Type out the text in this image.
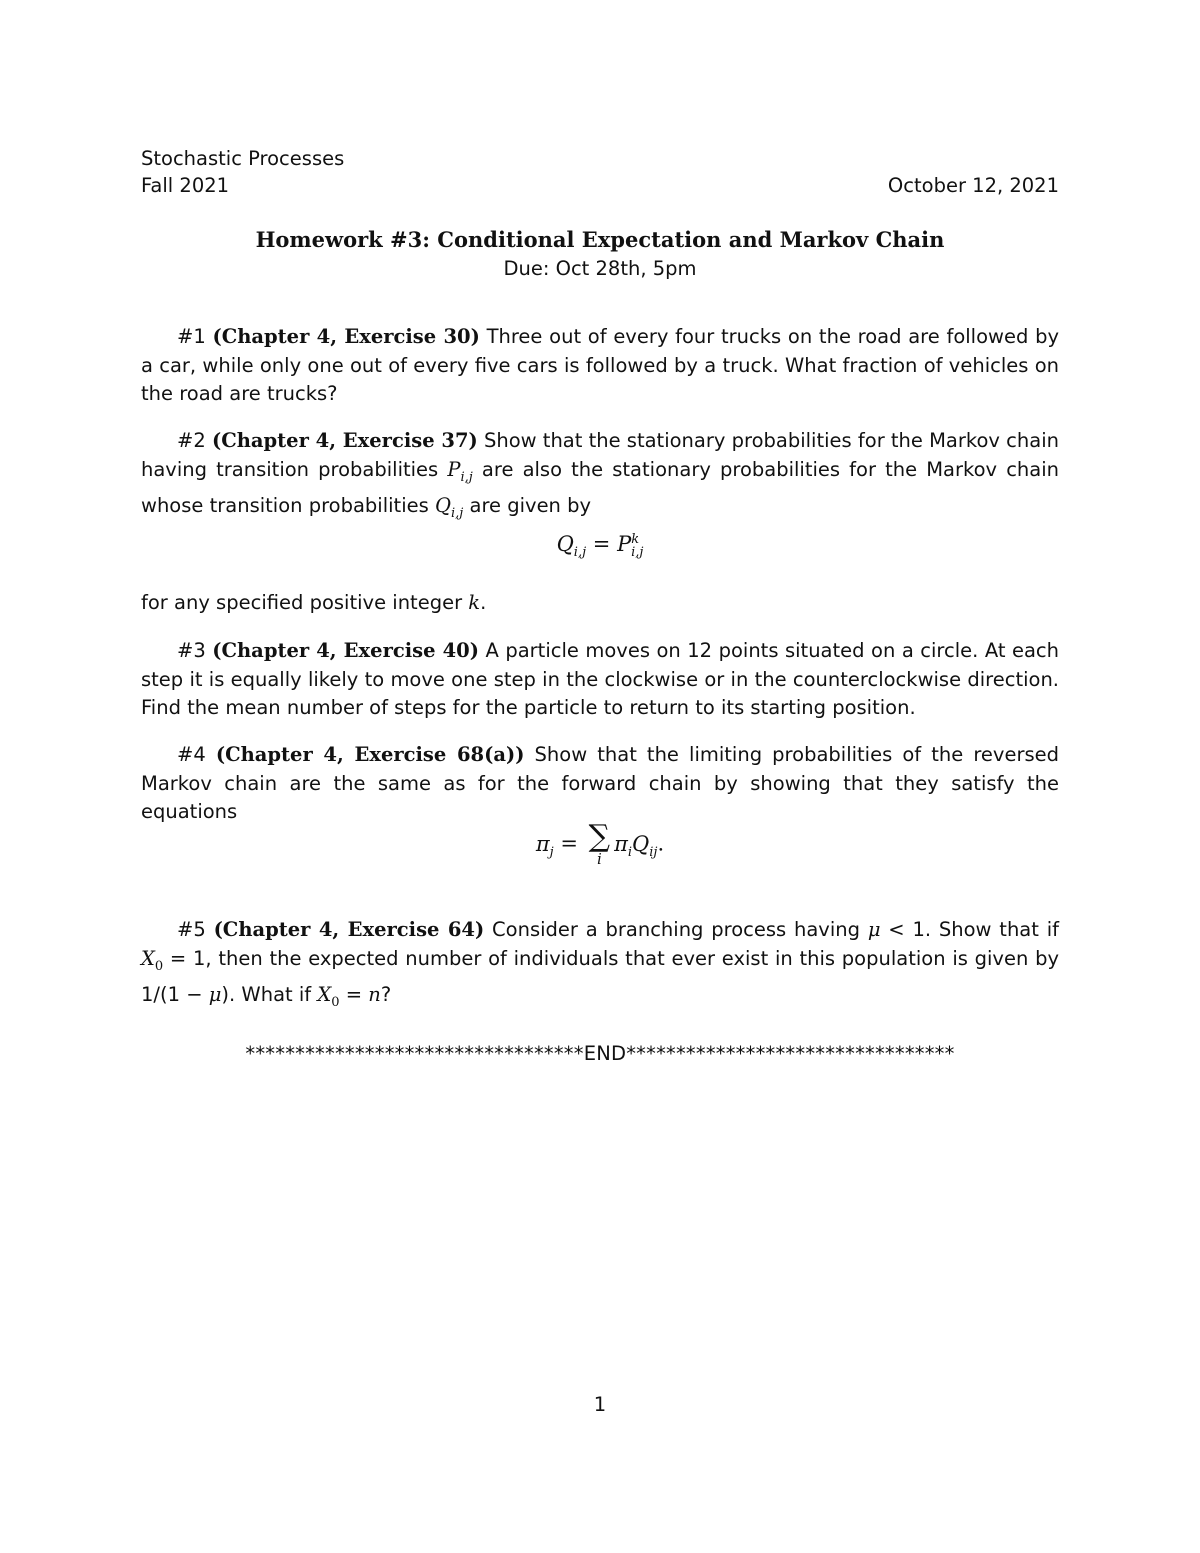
Stochastic Processes
Fall 2021	October 12, 2021
Homework #3: Conditional Expectation and Markov Chain
Due: Oct 28th, 5pm
#1 (Chapter 4, Exercise 30) Three out of every four trucks on the road are followed by a car, while only one out of every five cars is followed by a truck. What fraction of vehicles on the road are trucks?
#2 (Chapter 4, Exercise 37) Show that the stationary probabilities for the Markov chain having transition probabilities $P_{i,j}$ are also the stationary probabilities for the Markov chain whose transition probabilities $Q_{i,j}$ are given by
$Q_{i,j} = P^k_{i,j}$
for any specified positive integer k.
#3 (Chapter 4, Exercise 40) A particle moves on 12 points situated on a circle. At each step it is equally likely to move one step in the clockwise or in the counterclockwise direction. Find the mean number of steps for the particle to return to its starting position.
#4 (Chapter 4, Exercise 68(a)) Show that the limiting probabilities of the reversed Markov chain are the same as for the forward chain by showing that they satisfy the equations
$\pi_j$ = ∑
i
$\pi_iQ_{ij}$.
#5 (Chapter 4, Exercise 64) Consider a branching process having μ < 1. Show that if $X_0 = 1$, then the expected number of individuals that ever exist in this population is given by 1/(1 − μ). What if $X_0 = n$?
**********************************END*********************************
1
